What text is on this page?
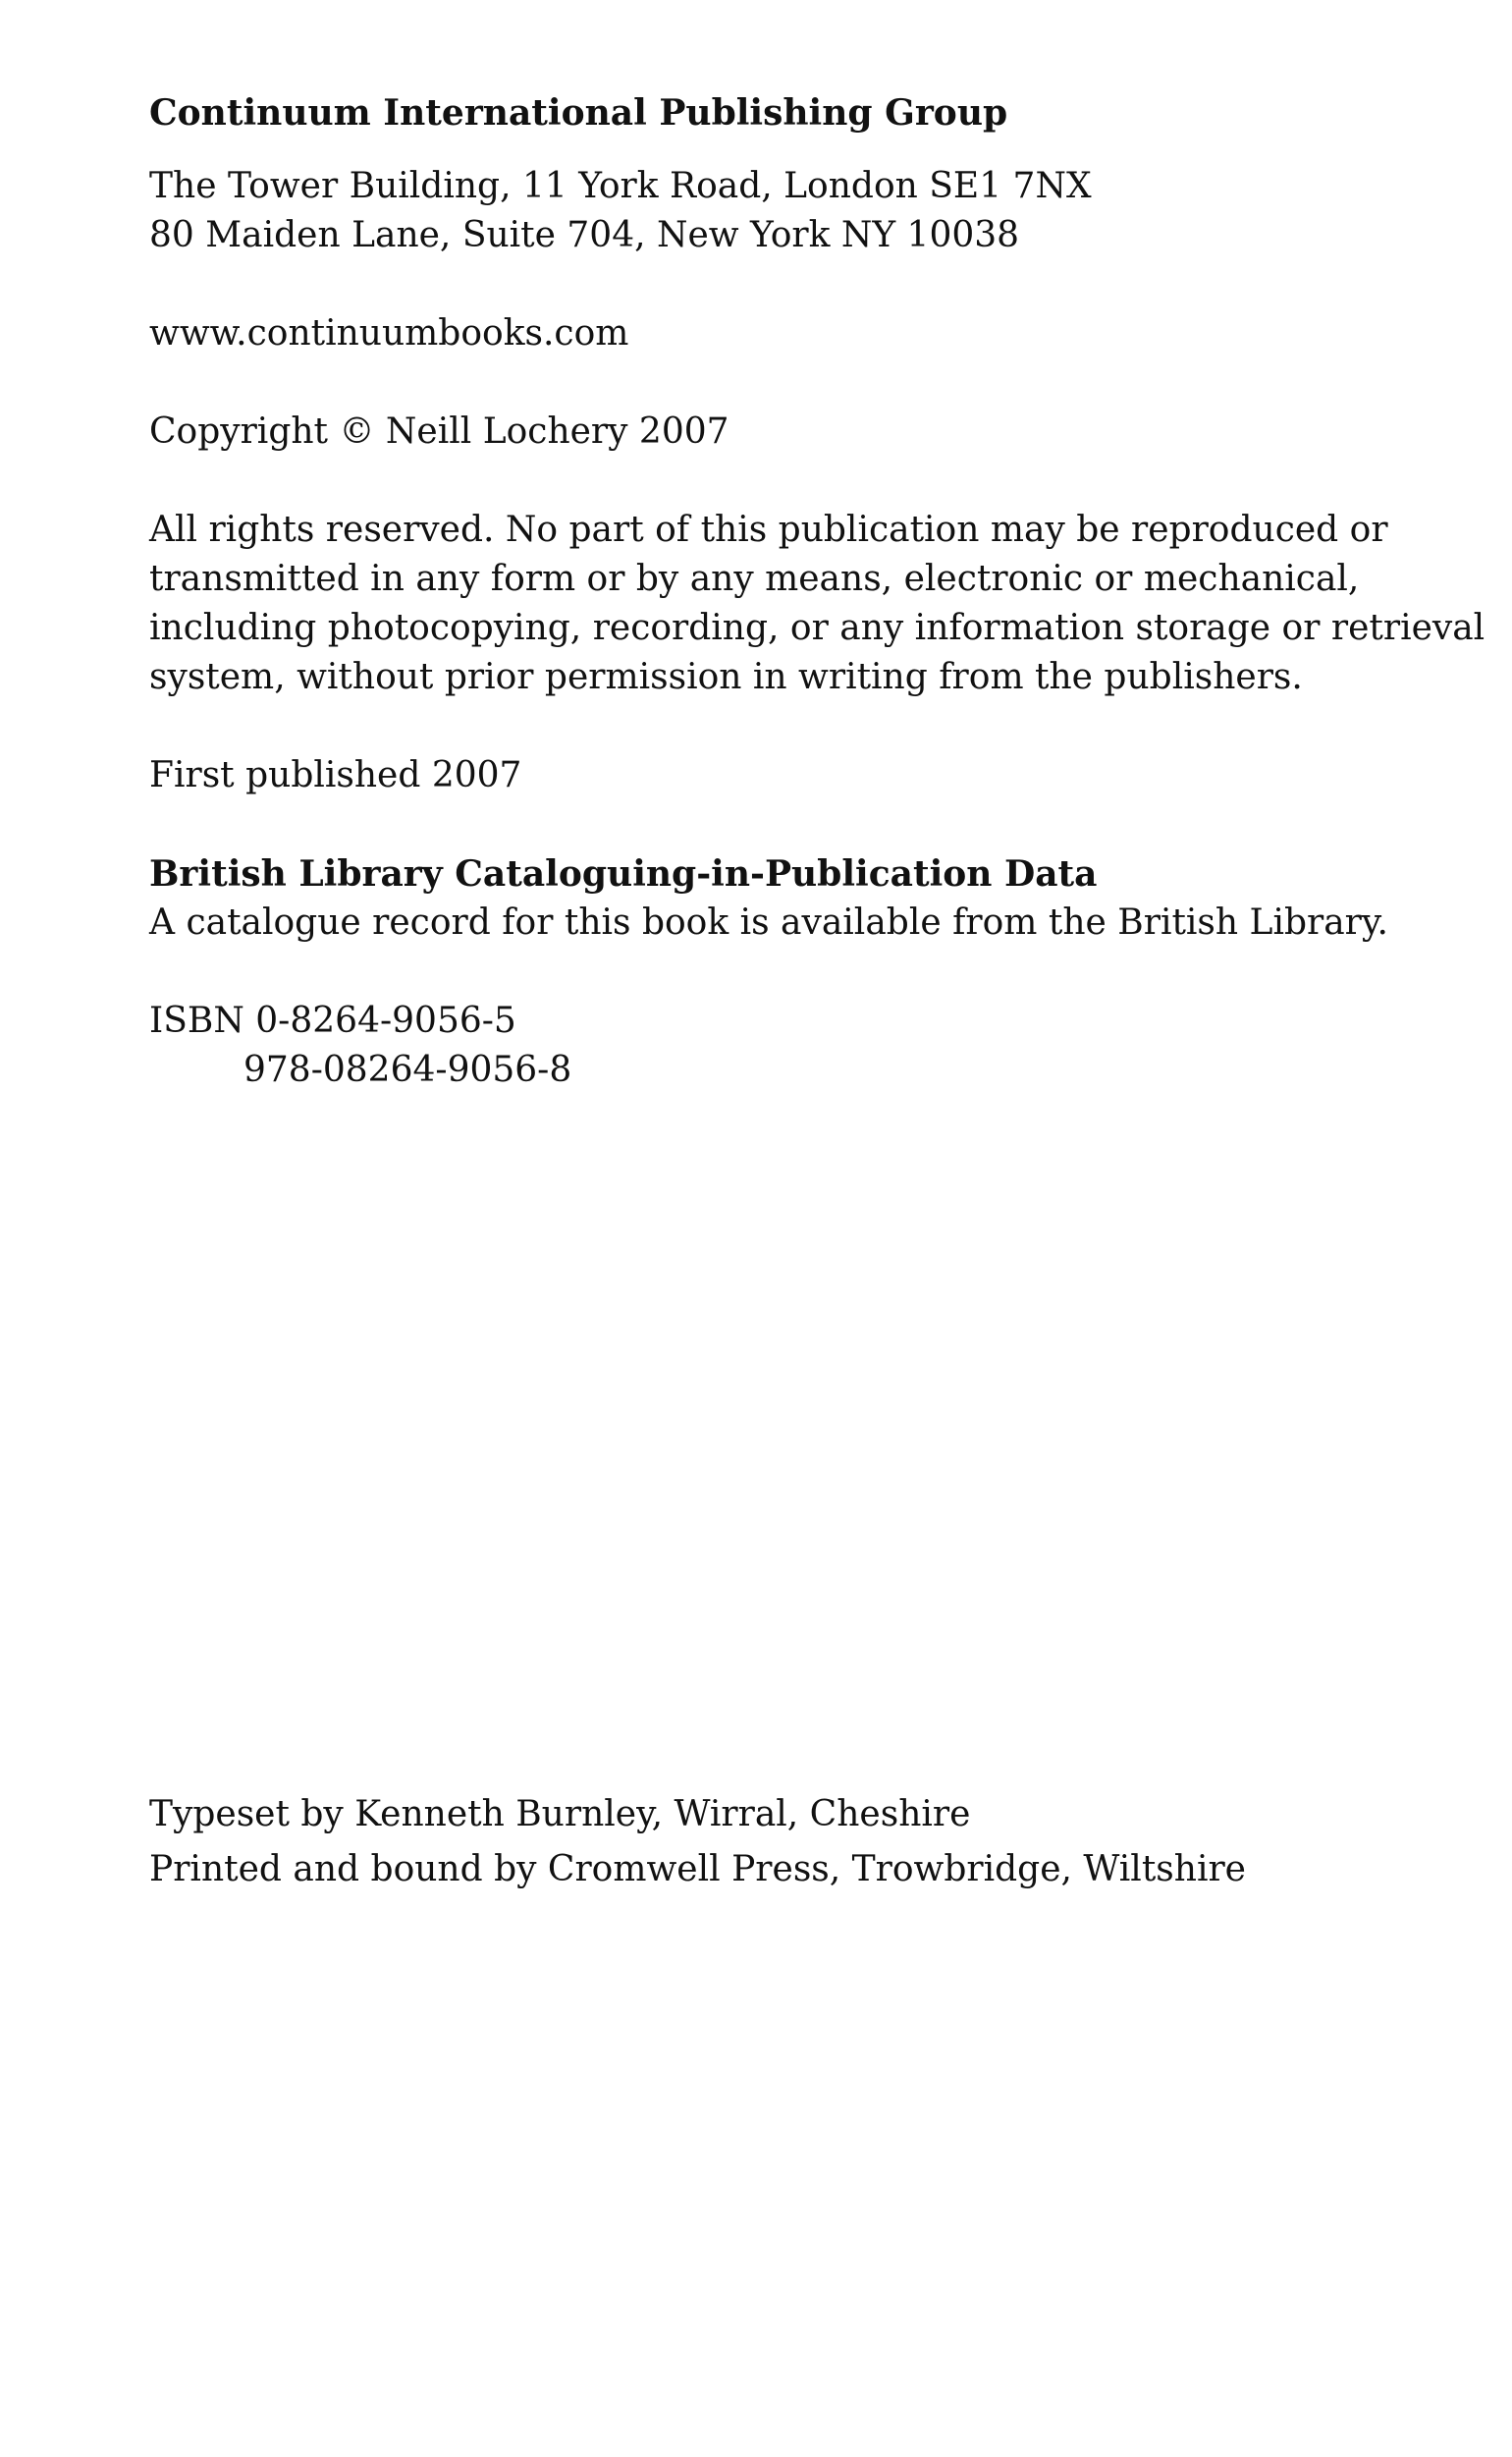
Continuum International Publishing Group

The Tower Building, 11 York Road, London SE1 7NX
80 Maiden Lane, Suite 704, New York NY 10038

www.continuumbooks.com

Copyright © Neill Lochery 2007

All rights reserved. No part of this publication may be reproduced or
transmitted in any form or by any means, electronic or mechanical,
including photocopying, recording, or any information storage or retrieval
system, without prior permission in writing from the publishers.

First published 2007

British Library Cataloguing-in-Publication Data
A catalogue record for this book is available from the British Library.
ISBN 0-8264-9056-5
978-08264-9056-8
Typeset by Kenneth Burnley, Wirral, Cheshire
Printed and bound by Cromwell Press, Trowbridge, Wiltshire
